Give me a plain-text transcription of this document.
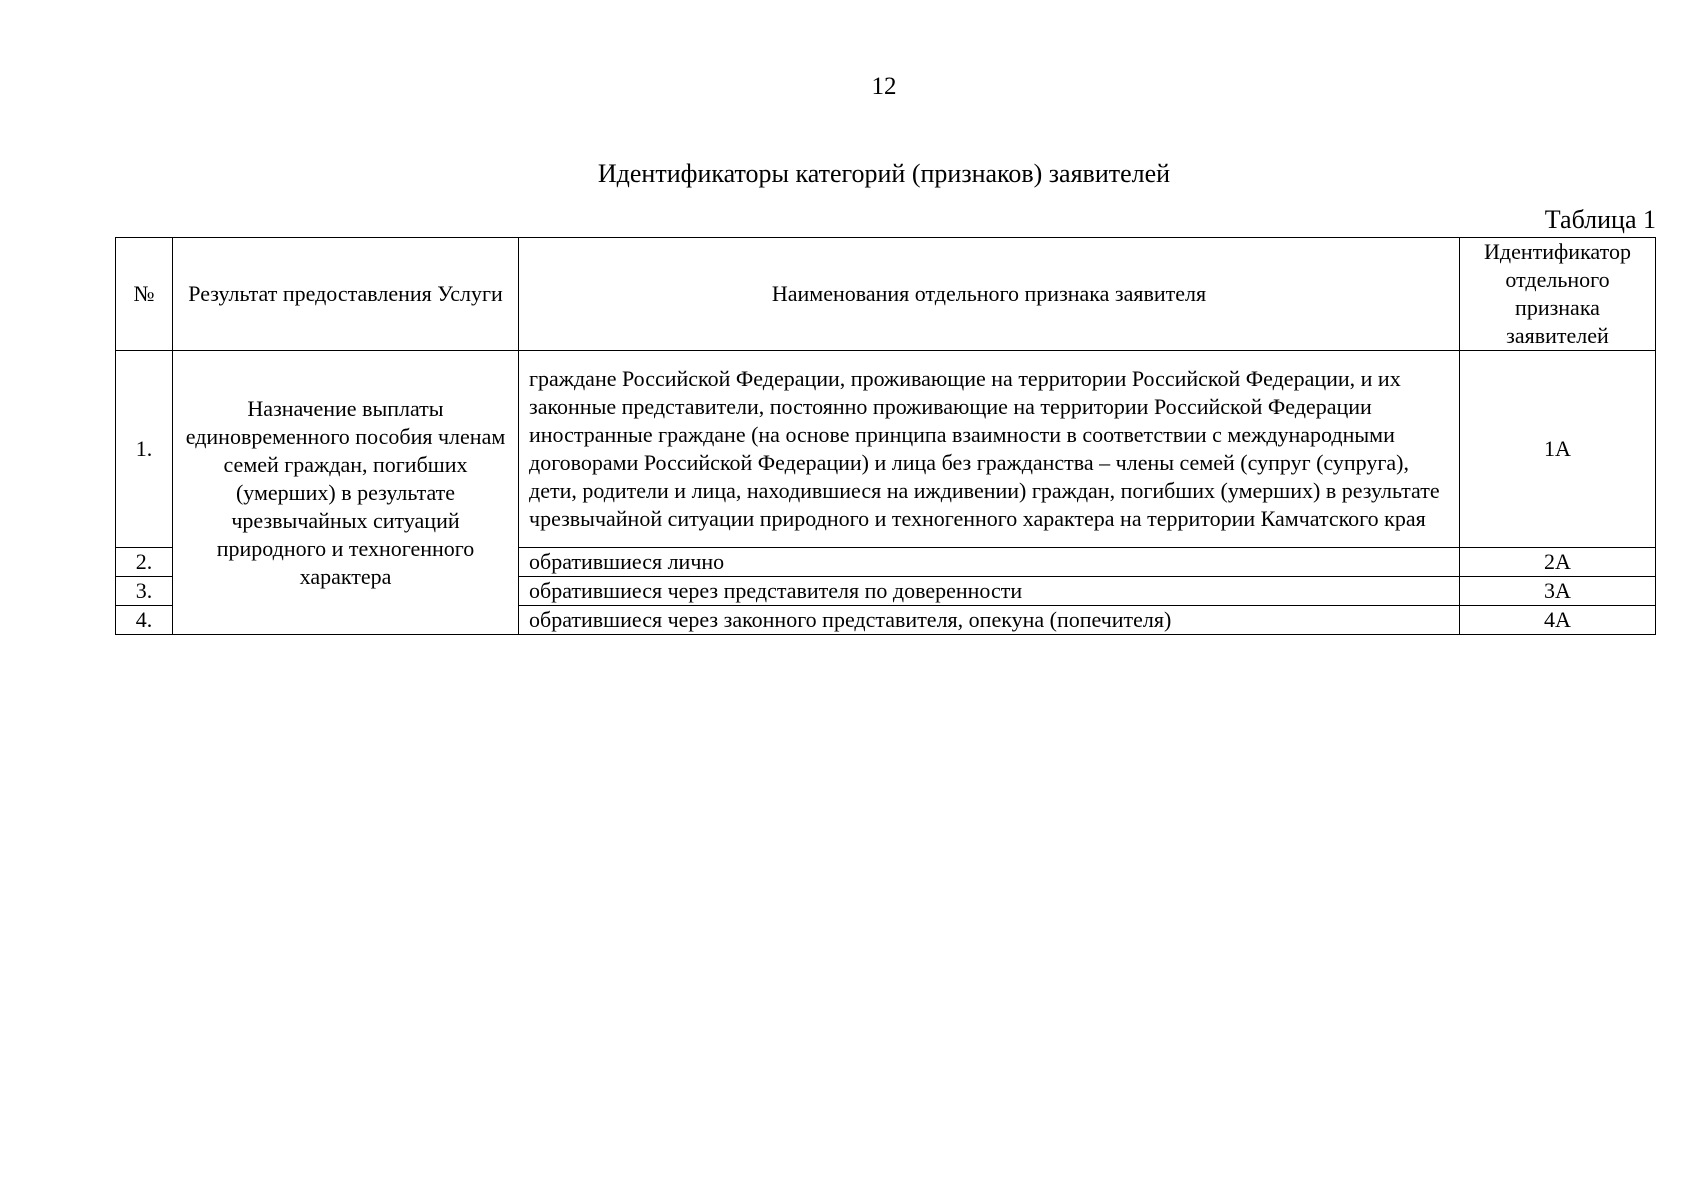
12
Идентификаторы категорий (признаков) заявителей
Таблица 1
№	Результат предоставления Услуги	Наименования отдельного признака заявителя	Идентификатор отдельного признака заявителей
1.	Назначение выплаты единовременного пособия членам семей граждан, погибших (умерших) в результате чрезвычайных ситуаций природного и техногенного характера	граждане Российской Федерации, проживающие на территории Российской Федерации, и их законные представители, постоянно проживающие на территории Российской Федерации иностранные граждане (на основе принципа взаимности в соответствии с международными договорами Российской Федерации) и лица без гражданства – члены семей (супруг (супруга), дети, родители и лица, находившиеся на иждивении) граждан, погибших (умерших) в результате чрезвычайной ситуации природного и техногенного характера на территории Камчатского края	1А
2.		обратившиеся лично	2А
3.		обратившиеся через представителя по доверенности	3А
4.		обратившиеся через законного представителя, опекуна (попечителя)	4А
